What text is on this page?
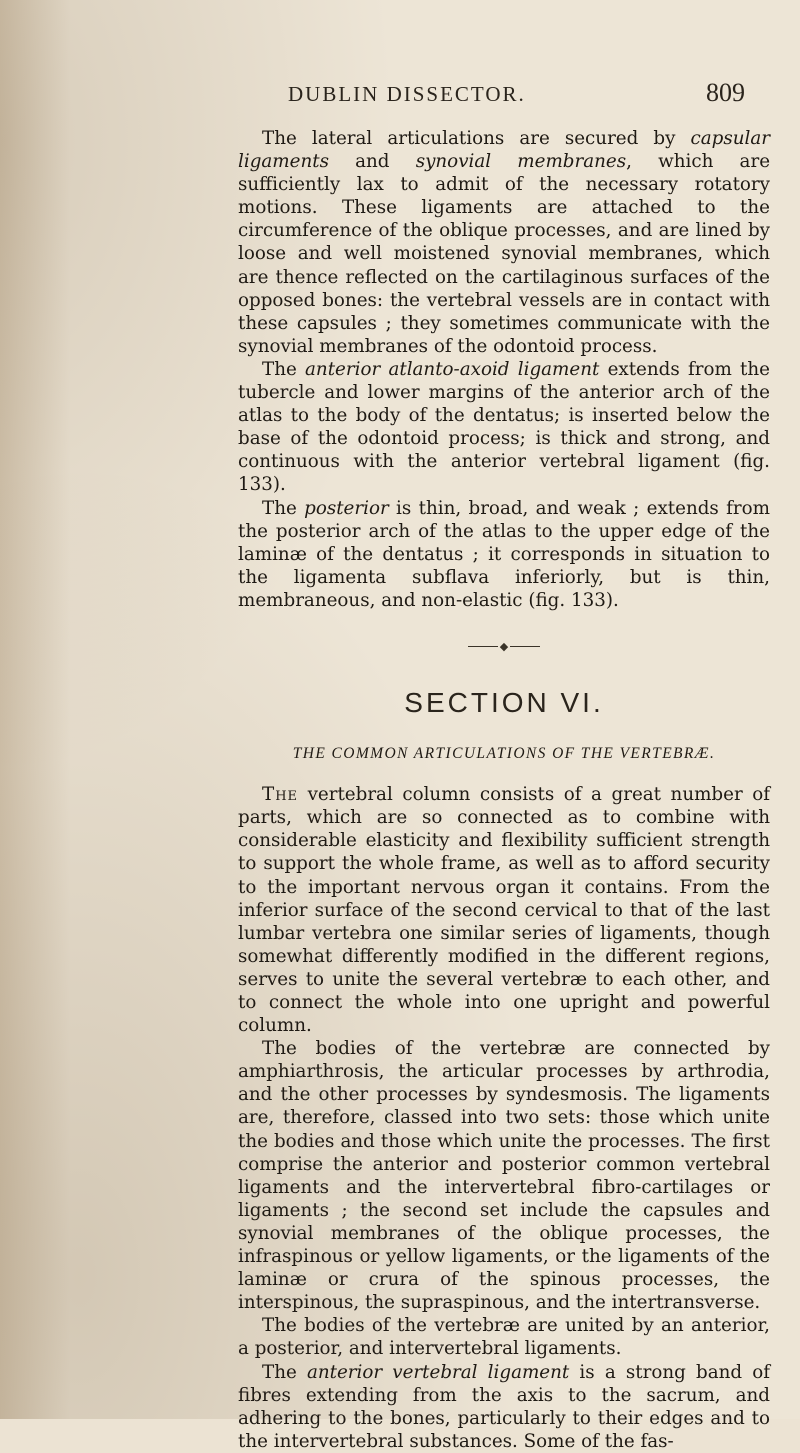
DUBLIN DISSECTOR.	809

The lateral articulations are secured by capsular ligaments and synovial membranes, which are sufficiently lax to admit of the necessary rotatory motions. These ligaments are attached to the circumference of the oblique processes, and are lined by loose and well moistened synovial membranes, which are thence reflected on the cartilaginous surfaces of the opposed bones: the vertebral vessels are in contact with these capsules ; they sometimes communicate with the synovial membranes of the odontoid process.

The anterior atlanto-axoid ligament extends from the tubercle and lower margins of the anterior arch of the atlas to the body of the dentatus; is inserted below the base of the odontoid process; is thick and strong, and continuous with the anterior vertebral ligament (fig. 133).

The posterior is thin, broad, and weak ; extends from the posterior arch of the atlas to the upper edge of the laminæ of the dentatus ; it corresponds in situation to the ligamenta subflava inferiorly, but is thin, membraneous, and non-elastic (fig. 133).

◆
SECTION VI.
THE COMMON ARTICULATIONS OF THE VERTEBRÆ.

The vertebral column consists of a great number of parts, which are so connected as to combine with considerable elasticity and flexibility sufficient strength to support the whole frame, as well as to afford security to the important nervous organ it contains. From the inferior surface of the second cervical to that of the last lumbar vertebra one similar series of ligaments, though somewhat differently modified in the different regions, serves to unite the several vertebræ to each other, and to connect the whole into one upright and powerful column.

The bodies of the vertebræ are connected by amphiarthrosis, the articular processes by arthrodia, and the other processes by syndesmosis. The ligaments are, therefore, classed into two sets: those which unite the bodies and those which unite the processes. The first comprise the anterior and posterior common vertebral ligaments and the intervertebral fibro-cartilages or ligaments ; the second set include the capsules and synovial membranes of the oblique processes, the infraspinous or yellow ligaments, or the ligaments of the laminæ or crura of the spinous processes, the interspinous, the supraspinous, and the intertransverse.

The bodies of the vertebræ are united by an anterior, a posterior, and intervertebral ligaments.

The anterior vertebral ligament is a strong band of fibres extending from the axis to the sacrum, and adhering to the bones, particularly to their edges and to the intervertebral substances. Some of the fas-
